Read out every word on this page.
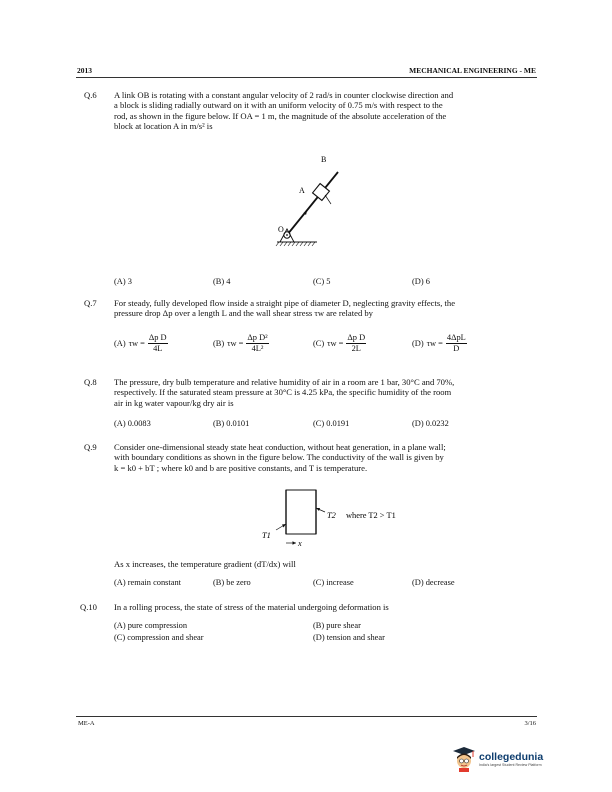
2013	MECHANICAL ENGINEERING - ME
Q.6 A link OB is rotating with a constant angular velocity of 2 rad/s in counter clockwise direction and
a block is sliding radially outward on it with an uniform velocity of 0.75 m/s with respect to the
rod, as shown in the figure below. If OA = 1 m, the magnitude of the absolute acceleration of the
block at location A in m/s² is
B
A
O
(A) 3	(B) 4	(C) 5	(D) 6
Q.7 For steady, fully developed flow inside a straight pipe of diameter D, neglecting gravity effects, the
pressure drop Δp over a length L and the wall shear stress τw are related by
(A) $\tau w = \frac{\text{Δp D}}{4L}$	(B) $\tau w = \frac{\text{Δp D²}}{\text{4L²}}$	(C) $\tau w = \frac{\text{Δp D}}{2L}$	(D) $\tau w = \frac{\text{4ΔpL}}{D}$
Q.8 The pressure, dry bulb temperature and relative humidity of air in a room are 1 bar, 30°C and 70%,
respectively. If the saturated steam pressure at 30°C is 4.25 kPa, the specific humidity of the room
air in kg water vapour/kg dry air is
(A) 0.0083	(B) 0.0101	(C) 0.0191	(D) 0.0232
Q.9 Consider one-dimensional steady state heat conduction, without heat generation, in a plane wall;
with boundary conditions as shown in the figure below. The conductivity of the wall is given by
k = k0 + bT ; where k0 and b are positive constants, and T is temperature.
T2 where T2 > T1
T1
x
As x increases, the temperature gradient (dT/dx) will
(A) remain constant	(B) be zero	(C) increase	(D) decrease
Q.10 In a rolling process, the state of stress of the material undergoing deformation is
(A) pure compression	(B) pure shear
(C) compression and shear	(D) tension and shear
ME-A	3/16
collegedunia
India's largest Student Review Platform
